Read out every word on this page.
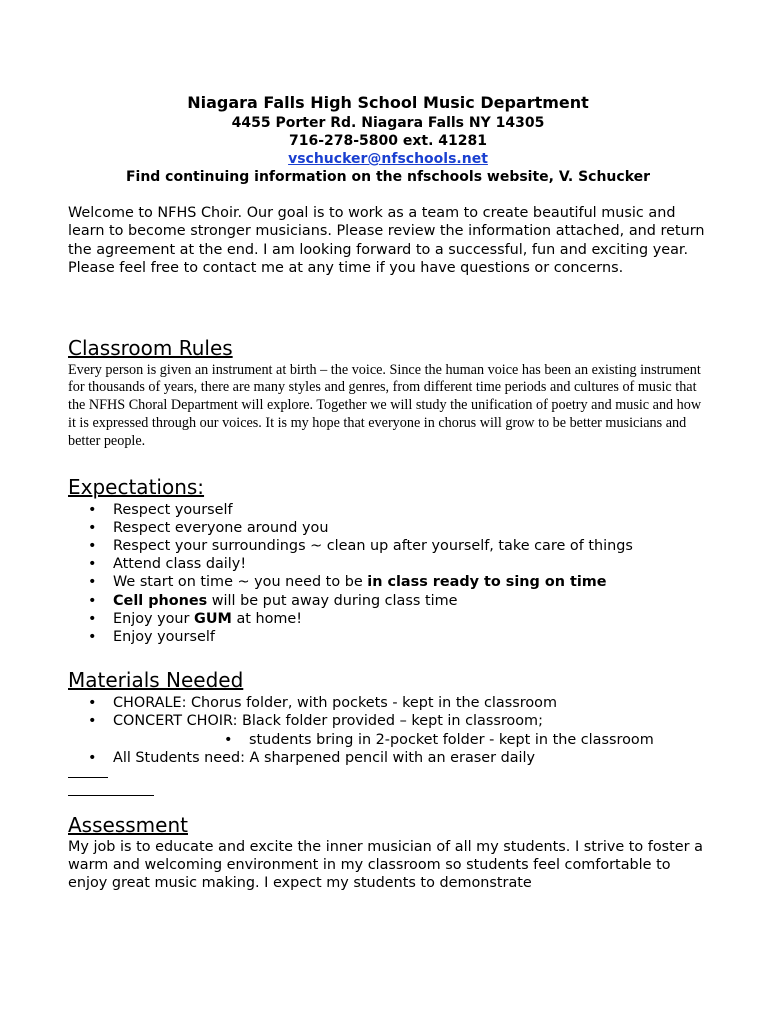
Niagara Falls High School Music Department
4455 Porter Rd. Niagara Falls NY 14305
716-278-5800 ext. 41281
vschucker@nfschools.net
Find continuing information on the nfschools website, V. Schucker
Welcome to NFHS Choir. Our goal is to work as a team to create beautiful music and learn to become stronger musicians. Please review the information attached, and return the agreement at the end. I am looking forward to a successful, fun and exciting year. Please feel free to contact me at any time if you have questions or concerns.
Classroom Rules
Every person is given an instrument at birth – the voice. Since the human voice has been an existing instrument for thousands of years, there are many styles and genres, from different time periods and cultures of music that the NFHS Choral Department will explore. Together we will study the unification of poetry and music and how it is expressed through our voices. It is my hope that everyone in chorus will grow to be better musicians and better people.
Expectations:
• Respect yourself
• Respect everyone around you
• Respect your surroundings ~ clean up after yourself, take care of things
• Attend class daily!
• We start on time ~ you need to be in class ready to sing on time
• Cell phones will be put away during class time
• Enjoy your GUM at home!
• Enjoy yourself
Materials Needed
• CHORALE: Chorus folder, with pockets - kept in the classroom
• CONCERT CHOIR: Black folder provided – kept in classroom;
• students bring in 2-pocket folder - kept in the classroom
• All Students need: A sharpened pencil with an eraser daily
Assessment
My job is to educate and excite the inner musician of all my students. I strive to foster a warm and welcoming environment in my classroom so students feel comfortable to enjoy great music making. I expect my students to demonstrate
